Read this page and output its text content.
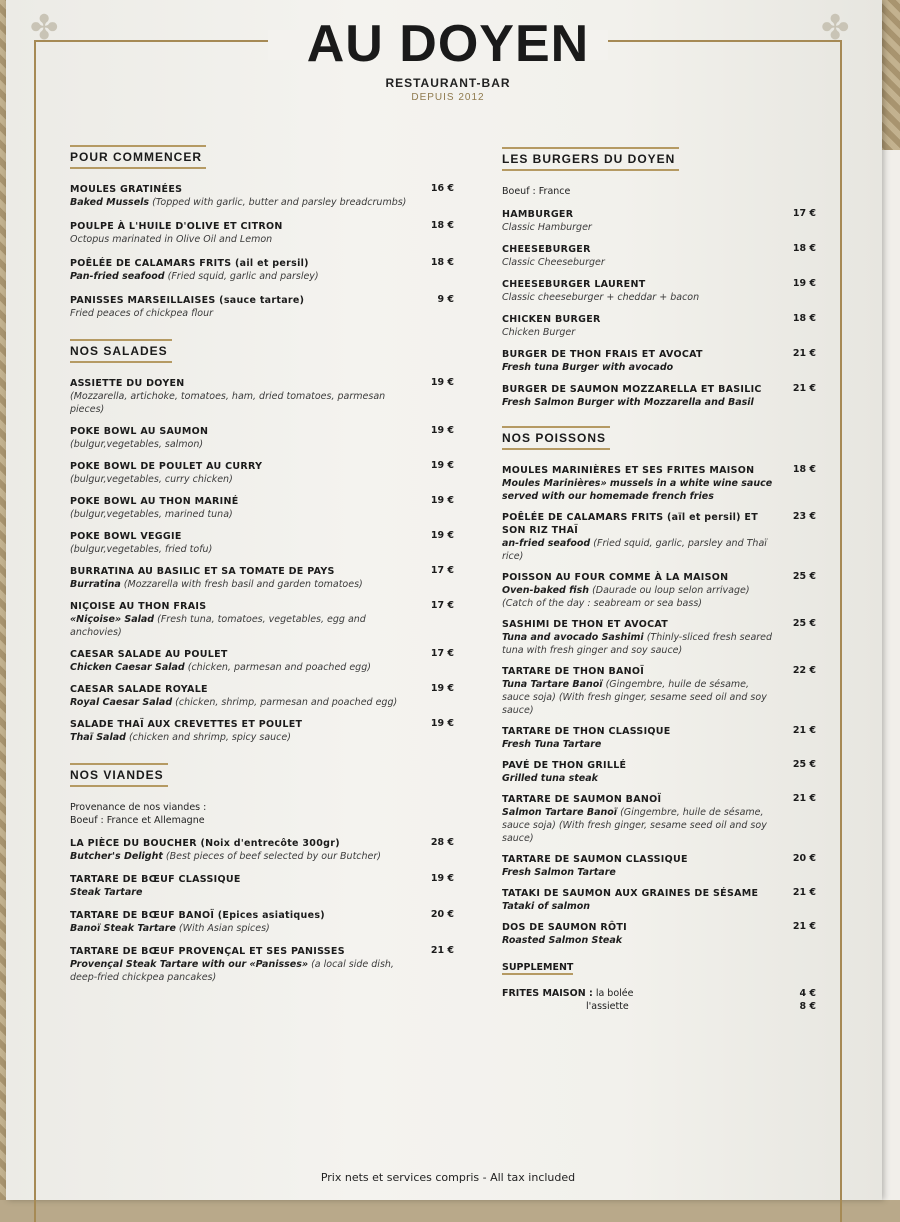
✤	✤
AU DOYEN
RESTAURANT-BAR
DEPUIS 2012
POUR COMMENCER
MOULES GRATINÉES
Baked Mussels (Topped with garlic, butter and parsley breadcrumbs)
16 €
POULPE À L'HUILE D'OLIVE ET CITRON
Octopus marinated in Olive Oil and Lemon
18 €
POÊLÉE DE CALAMARS FRITS (ail et persil)
Pan-fried seafood (Fried squid, garlic and parsley)
18 €
PANISSES MARSEILLAISES (sauce tartare)
Fried peaces of chickpea flour
9 €
NOS SALADES
ASSIETTE DU DOYEN
(Mozzarella, artichoke, tomatoes, ham, dried tomatoes, parmesan pieces)
19 €
POKE BOWL AU SAUMON
(bulgur,vegetables, salmon)
19 €
POKE BOWL DE POULET AU CURRY
(bulgur,vegetables, curry chicken)
19 €
POKE BOWL AU THON MARINÉ
(bulgur,vegetables, marined tuna)
19 €
POKE BOWL VEGGIE
(bulgur,vegetables, fried tofu)
19 €
BURRATINA AU BASILIC ET SA TOMATE DE PAYS
Burratina (Mozzarella with fresh basil and garden tomatoes)
17 €
NIÇOISE AU THON FRAIS
«Niçoise» Salad (Fresh tuna, tomatoes, vegetables, egg and anchovies)
17 €
CAESAR SALADE AU POULET
Chicken Caesar Salad (chicken, parmesan and poached egg)
17 €
CAESAR SALADE ROYALE
Royal Caesar Salad (chicken, shrimp, parmesan and poached egg)
19 €
SALADE THAÏ AUX CREVETTES ET POULET
Thaï Salad (chicken and shrimp, spicy sauce)
19 €
NOS VIANDES
Provenance de nos viandes :
Boeuf : France et Allemagne
LA PIÈCE DU BOUCHER (Noix d'entrecôte 300gr)
Butcher's Delight (Best pieces of beef selected by our Butcher)
28 €
TARTARE DE BŒUF CLASSIQUE
Steak Tartare
19 €
TARTARE DE BŒUF BANOÏ (Epices asiatiques)
Banoï Steak Tartare (With Asian spices)
20 €
TARTARE DE BŒUF PROVENÇAL ET SES PANISSES
Provençal Steak Tartare with our «Panisses» (a local side dish, deep-fried chickpea pancakes)
21 €
LES BURGERS DU DOYEN
Boeuf : France
HAMBURGER
Classic Hamburger
17 €
CHEESEBURGER
Classic Cheeseburger
18 €
CHEESEBURGER LAURENT
Classic cheeseburger + cheddar + bacon
19 €
CHICKEN BURGER
Chicken Burger
18 €
BURGER DE THON FRAIS ET AVOCAT
Fresh tuna Burger with avocado
21 €
BURGER DE SAUMON MOZZARELLA ET BASILIC
Fresh Salmon Burger with Mozzarella and Basil
21 €
NOS POISSONS
MOULES MARINIÈRES ET SES FRITES MAISON
Moules Marinières» mussels in a white wine sauce served with our homemade french fries
18 €
POÊLÉE DE CALAMARS FRITS (aïl et persil) ET SON RIZ THAÏ
an-fried seafood (Fried squid, garlic, parsley and Thaï rice)
23 €
POISSON AU FOUR COMME À LA MAISON
Oven-baked fish (Daurade ou loup selon arrivage) (Catch of the day : seabream or sea bass)
25 €
SASHIMI DE THON ET AVOCAT
Tuna and avocado Sashimi (Thinly-sliced fresh seared tuna with fresh ginger and soy sauce)
25 €
TARTARE DE THON BANOÏ
Tuna Tartare Banoï (Gingembre, huile de sésame, sauce soja) (With fresh ginger, sesame seed oil and soy sauce)
22 €
TARTARE DE THON CLASSIQUE
Fresh Tuna Tartare
21 €
PAVÉ DE THON GRILLÉ
Grilled tuna steak
25 €
TARTARE DE SAUMON BANOÏ
Salmon Tartare Banoï (Gingembre, huile de sésame, sauce soja) (With fresh ginger, sesame seed oil and soy sauce)
21 €
TARTARE DE SAUMON CLASSIQUE
Fresh Salmon Tartare
20 €
TATAKI DE SAUMON AUX GRAINES DE SÉSAME
Tataki of salmon
21 €
DOS DE SAUMON RÔTI
Roasted Salmon Steak
21 €
SUPPLEMENT
FRITES MAISON : la bolée
l'assiette
4 €
8 €
Prix nets et services compris - All tax included
